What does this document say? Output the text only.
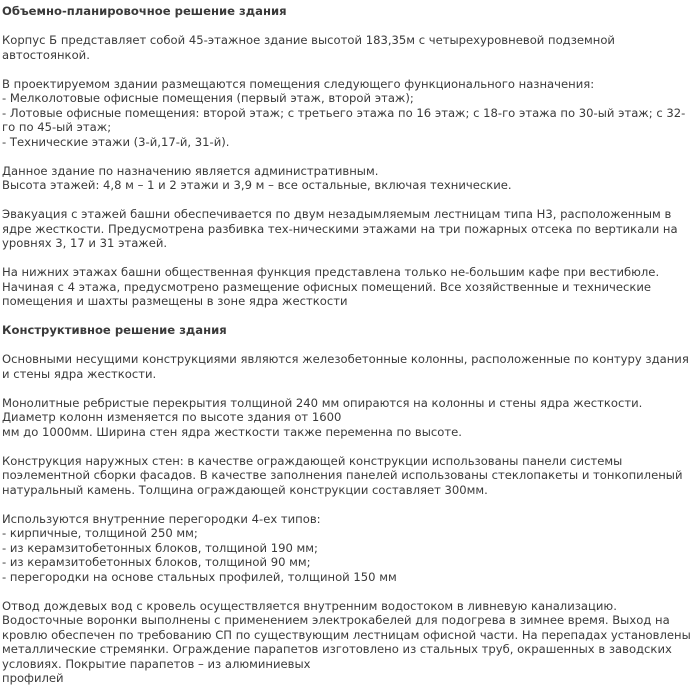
Объемно-планировочное решение здания

Корпус Б представляет собой 45-этажное здание высотой 183,35м с четырехуровневой подземной автостоянкой.

В проектируемом здании размещаются помещения следующего функционального назначения:
- Мелколотовые офисные помещения (первый этаж, второй этаж);
- Лотовые офисные помещения: второй этаж; с третьего этажа по 16 этаж; с 18-го этажа по 30-ый этаж; с 32-го по 45-ый этаж;
- Технические этажи (3-й,17-й, 31-й).

Данное здание по назначению является административным.
Высота этажей: 4,8 м – 1 и 2 этажи и 3,9 м – все остальные, включая технические.

Эвакуация с этажей башни обеспечивается по двум незадымляемым лестницам типа Н3, расположенным в ядре жесткости. Предусмотрена разбивка тех-ническими этажами на три пожарных отсека по вертикали на уровнях 3, 17 и 31 этажей.

На нижних этажах башни общественная функция представлена только не-большим кафе при вестибюле. Начиная с 4 этажа, предусмотрено размещение офисных помещений. Все хозяйственные и технические помещения и шахты размещены в зоне ядра жесткости

Конструктивное решение здания

Основными несущими конструкциями являются железобетонные колонны, расположенные по контуру здания и стены ядра жесткости.

Монолитные ребристые перекрытия толщиной 240 мм опираются на колонны и стены ядра жесткости. Диаметр колонн изменяется по высоте здания от 1600
мм до 1000мм. Ширина стен ядра жесткости также переменна по высоте.

Конструкция наружных стен: в качестве ограждающей конструкции использованы панели системы поэлементной сборки фасадов. В качестве заполнения панелей использованы стеклопакеты и тонкопиленый натуральный камень. Толщина ограждающей конструкции составляет 300мм.

Используются внутренние перегородки 4-ех типов:
- кирпичные, толщиной 250 мм;
- из керамзитобетонных блоков, толщиной 190 мм;
- из керамзитобетонных блоков, толщиной 90 мм;
- перегородки на основе стальных профилей, толщиной 150 мм

Отвод дождевых вод с кровель осуществляется внутренним водостоком в ливневую канализацию. Водосточные воронки выполнены с применением электрокабелей для подогрева в зимнее время. Выход на кровлю обеспечен по требованию СП по существующим лестницам офисной части. На перепадах установлены металлические стремянки. Ограждение парапетов изготовлено из стальных труб, окрашенных в заводских условиях. Покрытие парапетов – из алюминиевых
профилей
